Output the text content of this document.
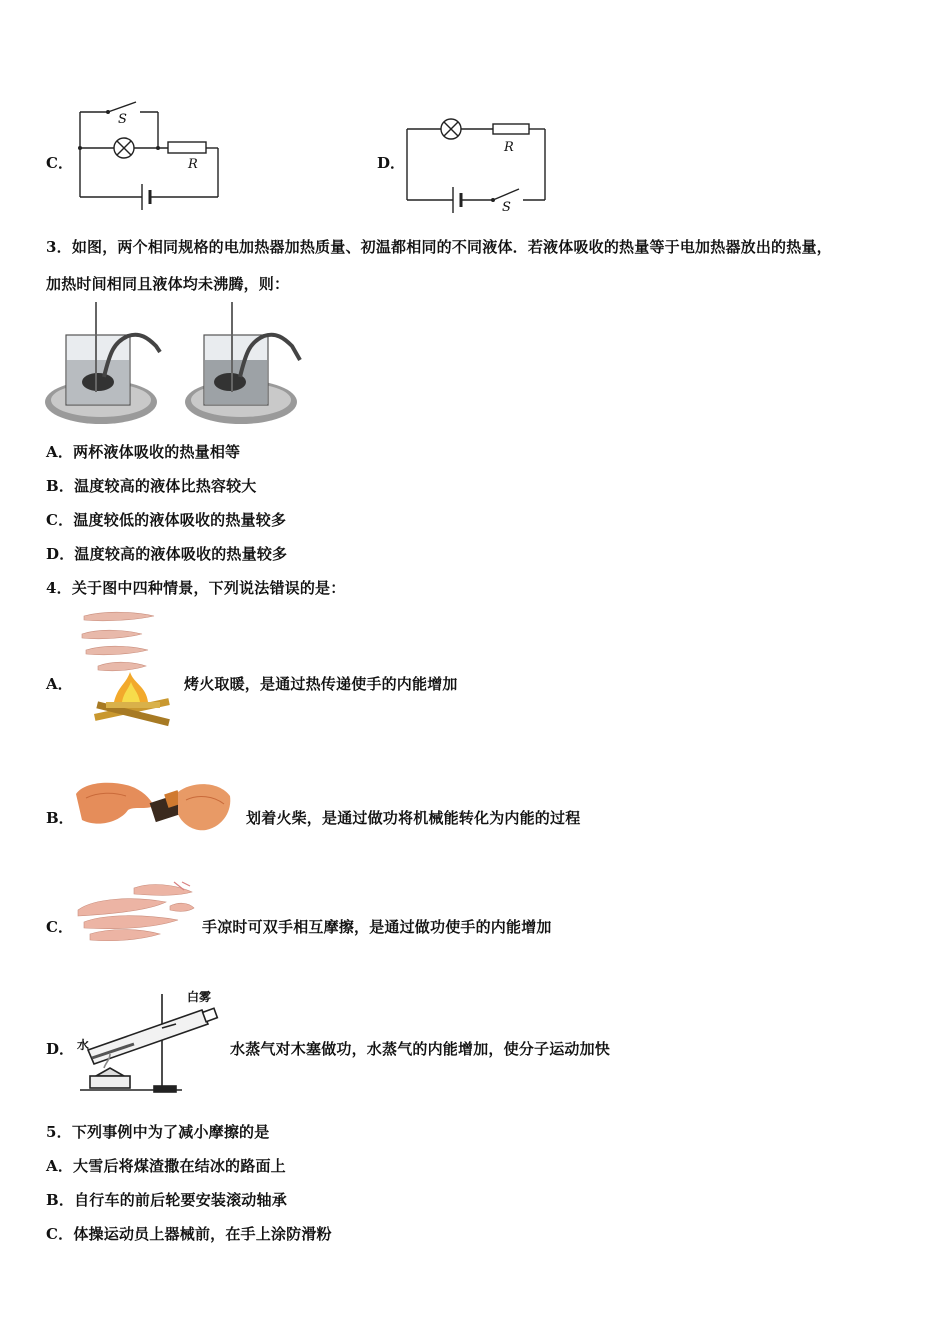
C．
S
R	D．
R
S
3．如图，两个相同规格的电加热器加热质量、初温都相同的不同液体．若液体吸收的热量等于电加热器放出的热量，
加热时间相同且液体均未沸腾，则：
A．两杯液体吸收的热量相等
B．温度较高的液体比热容较大
C．温度较低的液体吸收的热量较多
D．温度较高的液体吸收的热量较多
4．关于图中四种情景，下列说法错误的是：
A．	烤火取暖，是通过热传递使手的内能增加
B．	划着火柴，是通过做功将机械能转化为内能的过程
C．	手凉时可双手相互摩擦，是通过做功使手的内能增加
D．
白雾
水	水蒸气对木塞做功，水蒸气的内能增加，使分子运动加快
5．下列事例中为了减小摩擦的是
A．大雪后将煤渣撒在结冰的路面上
B．自行车的前后轮要安装滚动轴承
C．体操运动员上器械前，在手上涂防滑粉
